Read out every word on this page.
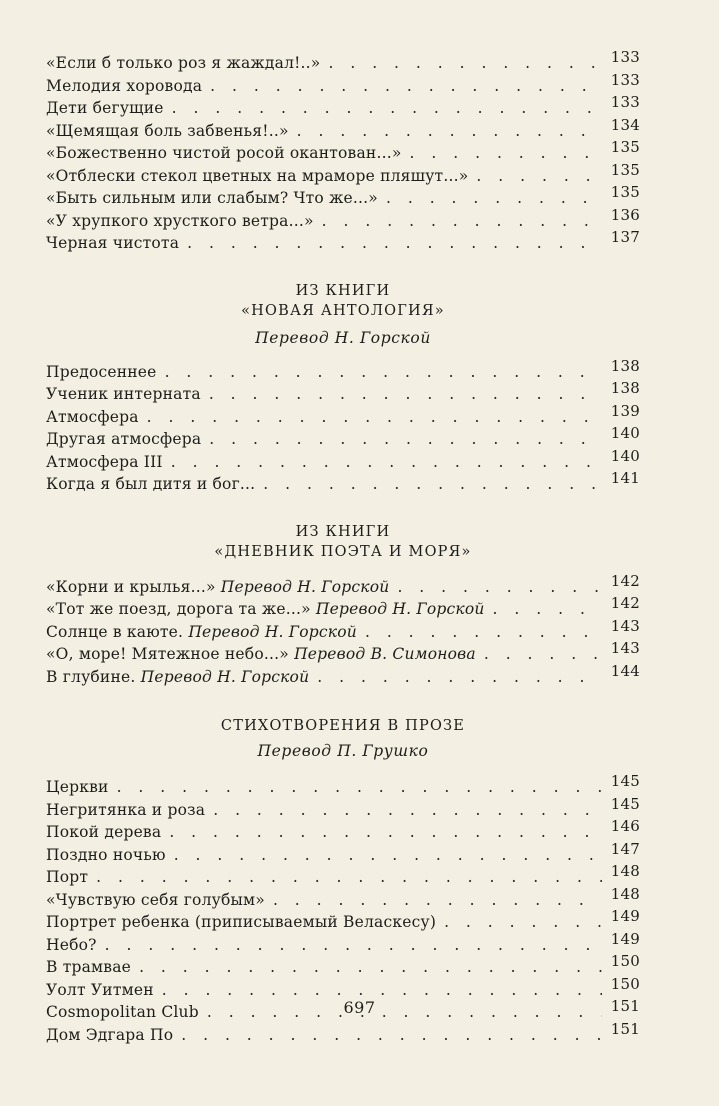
«Если б только роз я жаждал!..» . . .	133
Мелодия хоровода . . .	133
Дети бегущие . . .	133
«Щемящая боль забвенья!..» . . .	134
«Божественно чистой росой окантован...» . . .	135
«Отблески стекол цветных на мраморе пляшут...» . . .	135
«Быть сильным или слабым? Что же...» . . .	135
«У хрупкого хрусткого ветра...» . . .	136
Черная чистота . . .	137
ИЗ КНИГИ
«НОВАЯ АНТОЛОГИЯ»
Перевод Н. Горской
Предосеннее . . .	138
Ученик интерната . . .	138
Атмосфера . . .	139
Другая атмосфера . . .	140
Атмосфера III . . .	140
Когда я был дитя и бог... . . .	141
ИЗ КНИГИ
«ДНЕВНИК ПОЭТА И МОРЯ»
«Корни и крылья...» Перевод Н. Горской . . .	142
«Тот же поезд, дорога та же...» Перевод Н. Горской . . .	142
Солнце в каюте. Перевод Н. Горской . . .	143
«О, море! Мятежное небо...» Перевод В. Симонова . . .	143
В глубине. Перевод Н. Горской . . .	144
СТИХОТВОРЕНИЯ В ПРОЗЕ
Перевод П. Грушко
Церкви . . .	145
Негритянка и роза . . .	145
Покой дерева . . .	146
Поздно ночью . . .	147
Порт . . .	148
«Чувствую себя голубым» . . .	148
Портрет ребенка (приписываемый Веласкесу) . . .	149
Небо? . . .	149
В трамвае . . .	150
Уолт Уитмен . . .	150
Cosmopolitan Club . . .	151
Дом Эдгара По . . .	151
697
